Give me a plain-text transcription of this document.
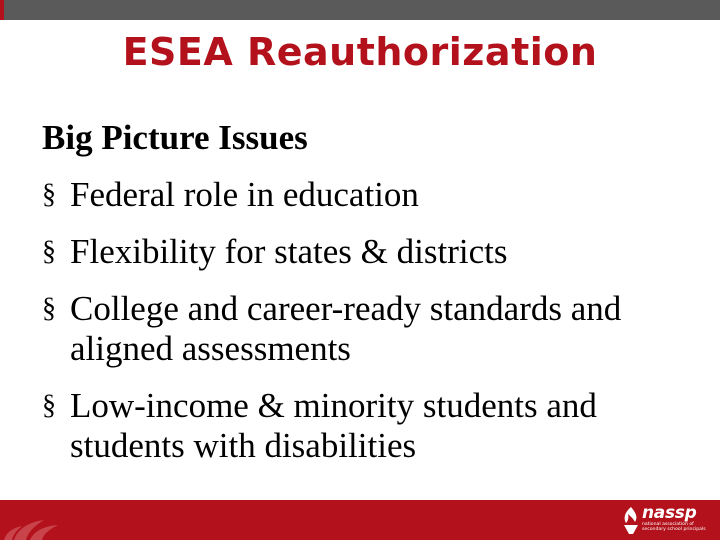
ESEA Reauthorization
Big Picture Issues
§ Federal role in education
§ Flexibility for states & districts
§ College and career-ready standards and aligned assessments
§ Low-income & minority students and students with disabilities
nassp
national association of secondary school principals
